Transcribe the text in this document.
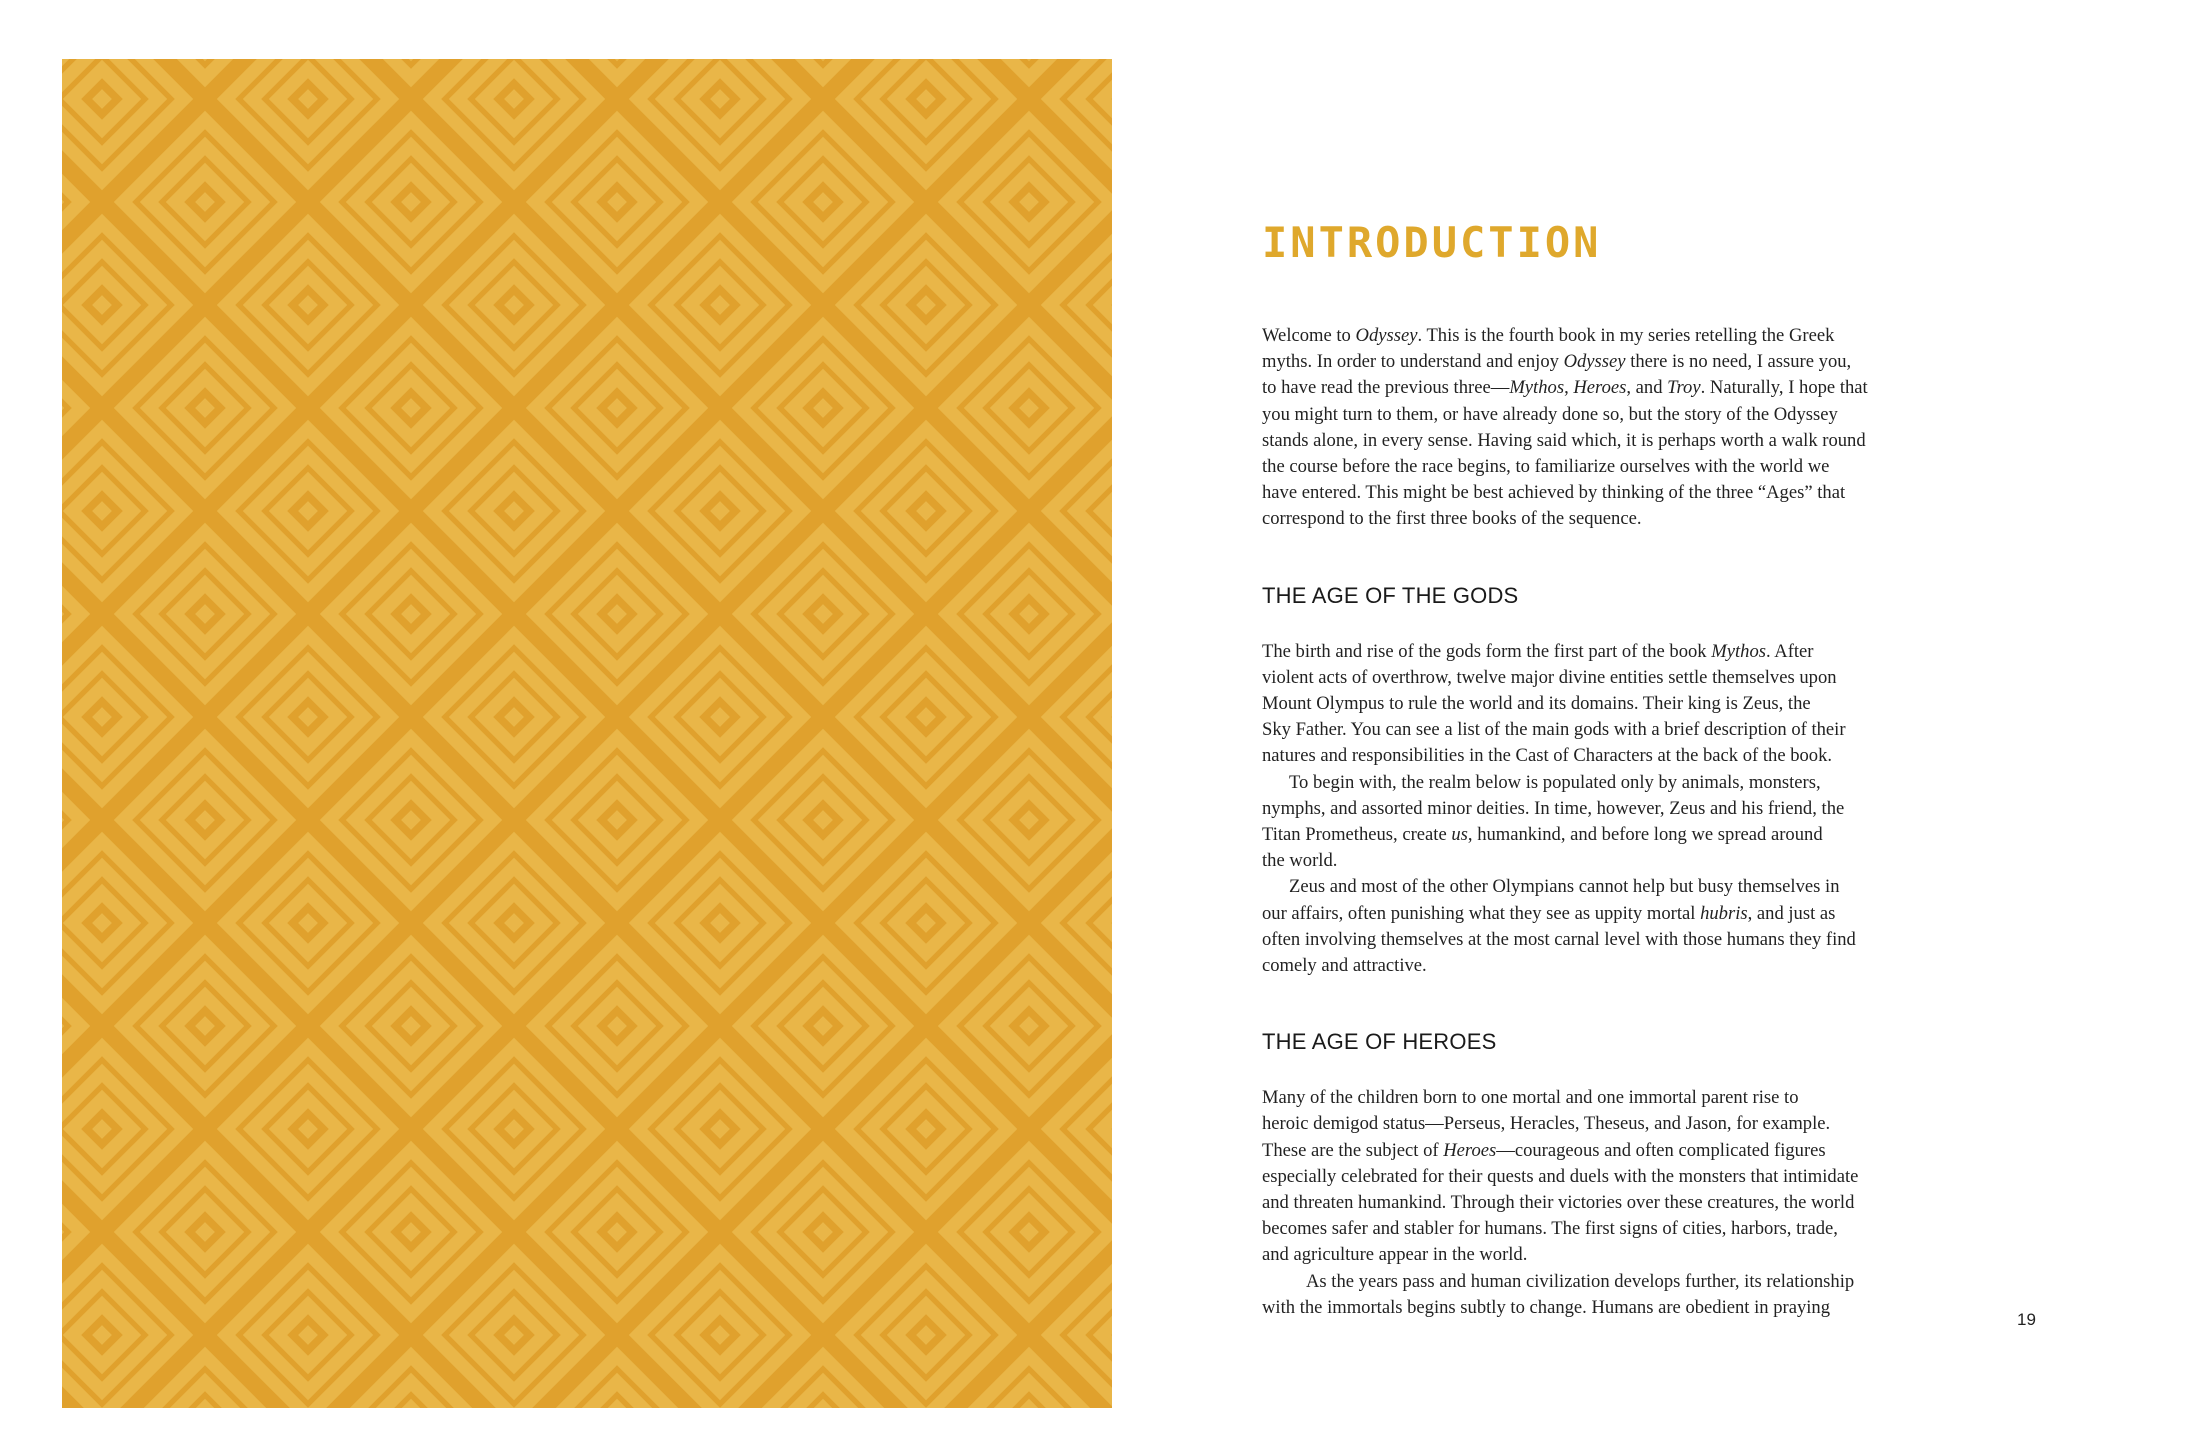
INTRODUCTION

Welcome to Odyssey. This is the fourth book in my series retelling the Greek
myths. In order to understand and enjoy Odyssey there is no need, I assure you,
to have read the previous three—Mythos, Heroes, and Troy. Naturally, I hope that
you might turn to them, or have already done so, but the story of the Odyssey
stands alone, in every sense. Having said which, it is perhaps worth a walk round
the course before the race begins, to familiarize ourselves with the world we
have entered. This might be best achieved by thinking of the three “Ages” that
correspond to the first three books of the sequence.

THE AGE OF THE GODS

The birth and rise of the gods form the first part of the book Mythos. After
violent acts of overthrow, twelve major divine entities settle themselves upon
Mount Olympus to rule the world and its domains. Their king is Zeus, the
Sky Father. You can see a list of the main gods with a brief description of their
natures and responsibilities in the Cast of Characters at the back of the book.
To begin with, the realm below is populated only by animals, monsters,
nymphs, and assorted minor deities. In time, however, Zeus and his friend, the
Titan Prometheus, create us, humankind, and before long we spread around
the world.
Zeus and most of the other Olympians cannot help but busy themselves in
our affairs, often punishing what they see as uppity mortal hubris, and just as
often involving themselves at the most carnal level with those humans they find
comely and attractive.

THE AGE OF HEROES

Many of the children born to one mortal and one immortal parent rise to
heroic demigod status—Perseus, Heracles, Theseus, and Jason, for example.
These are the subject of Heroes—courageous and often complicated figures
especially celebrated for their quests and duels with the monsters that intimidate
and threaten humankind. Through their victories over these creatures, the world
becomes safer and stabler for humans. The first signs of cities, harbors, trade,
and agriculture appear in the world.
As the years pass and human civilization develops further, its relationship
with the immortals begins subtly to change. Humans are obedient in praying

19
